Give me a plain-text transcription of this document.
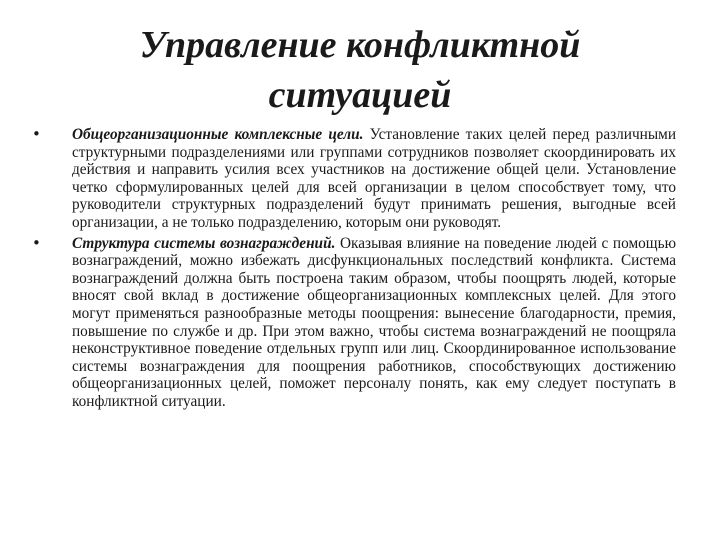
Управление конфликтной
ситуацией
• Общеорганизационные комплексные цели. Установление таких целей перед различными структурными подразделениями или группами сотрудников позволяет скоординировать их действия и направить усилия всех участников на достижение общей цели. Установление четко сформулированных целей для всей организации в целом способствует тому, что руководители структурных подразделений будут принимать решения, выгодные всей организации, а не только подразделению, которым они руководят.
• Структура системы вознаграждений. Оказывая влияние на поведение людей с помощью вознаграждений, можно избежать дисфункциональных последствий конфликта. Система вознаграждений должна быть построена таким образом, чтобы поощрять людей, которые вносят свой вклад в достижение общеорганизационных комплексных целей. Для этого могут применяться разнообразные методы поощрения: вынесение благодарности, премия, повышение по службе и др. При этом важно, чтобы система вознаграждений не поощряла неконструктивное поведение отдельных групп или лиц. Скоординированное использование системы вознаграждения для поощрения работников, способствующих достижению общеорганизационных целей, поможет персоналу понять, как ему следует поступать в конфликтной ситуации.
